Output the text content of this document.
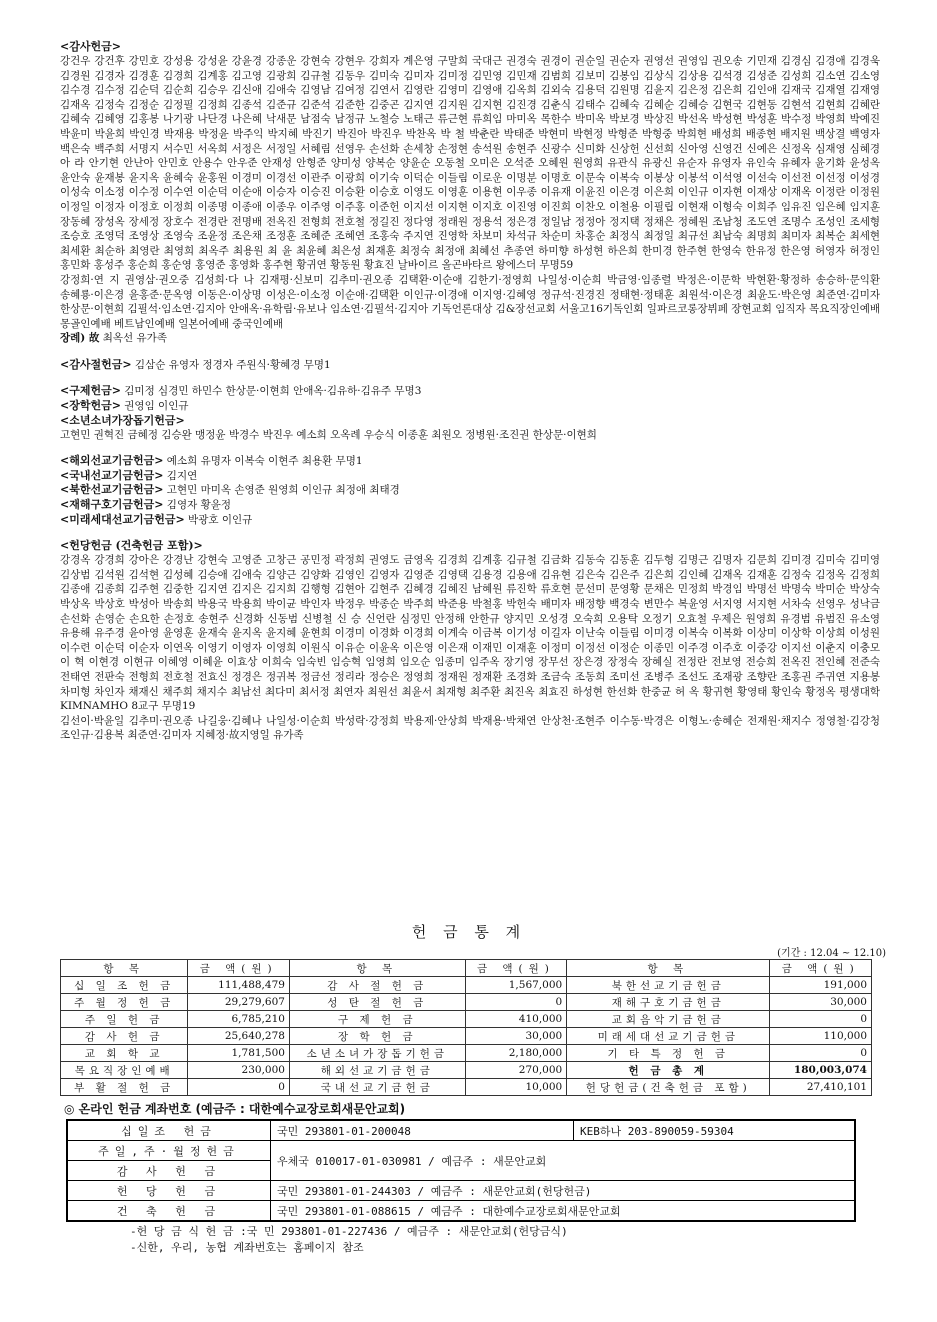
<감사헌금>
강건우 강건후 강민호 강성용 강성윤 강윤경 강종운 강현숙 강현우 강희자 계은영 구말희 국대근 권경숙 권경이 권순일 권순자 권영선 권영임 권오송 기민재 김경심 김경애 김경욱 김경원 김경자 김경훈 김경희 김계홍 김고영 김광희 김규철 김동우 김미숙 김미자 김미정 김민영 김민재 김범희 김보미 김봉임 김상식 김상용 김석경 김성준 김성희 김소연 김소영 김수경 김수정 김순덕 김순희 김승우 김신애 김애숙 김영남 김여정 김연서 김영란 김영미 김영애 김옥희 김외숙 김용덕 김원명 김윤지 김은정 김은희 김인애 김재국 김재열 김재영 김재옥 김정숙 김정순 김정필 김정희 김종석 김준규 김준석 김준한 김중곤 김지연 김지원 김지현 김진경 김춘식 김태수 김혜숙 김혜순 김혜승 김현국 김현동 김현석 김현희 김혜란 김혜숙 김혜영 김홍봉 나기광 나단경 나은혜 낙새문 남점숙 남정규 노철승 노태근 류근현 류희임 마미옥 목한수 박미옥 박보경 박상진 박선옥 박성현 박성훈 박수정 박영희 박예진 박윤미 박윤희 박인경 박재용 박정윤 박주익 박지혜 박진기 박진아 박진우 박찬옥 박 철 박춘란 박태준 박현미 박현정 박형준 박형중 박희현 배성희 배종현 배지원 백상결 백영자 백은숙 백주희 서명지 서수민 서옥희 서정은 서정일 서혜림 선영우 손선화 손세창 손정현 송석원 송현주 신광수 신미화 신상헌 신선희 신아영 신영건 신예은 신정옥 심재영 심혜경 아 라 안기현 안난아 안민호 안용수 안우준 안재성 안형준 양미성 양복순 양윤순 오동철 오미은 오석준 오혜원 원영희 유관식 유광신 유순자 유영자 유인숙 유혜자 윤기화 윤성옥 윤안숙 윤재봉 윤지옥 윤혜숙 윤홍원 이경미 이경선 이관주 이광희 이기숙 이덕순 이들림 이로운 이명분 이명호 이문숙 이복숙 이봉상 이봉석 이석영 이선숙 이선전 이선정 이성경 이성숙 이소정 이수정 이수연 이순덕 이순애 이승자 이승진 이승환 이승호 이영도 이영훈 이용현 이우종 이유재 이윤진 이은경 이은희 이인규 이자현 이재상 이재옥 이정란 이정원 이정일 이정자 이정호 이정희 이종명 이종애 이종우 이주영 이주홍 이준헌 이지선 이지현 이지호 이진영 이진희 이찬오 이철용 이필립 이현재 이형숙 이희주 임유진 임은혜 임지훈 장동혜 장성옥 장세정 장호수 전경란 전명배 전옥진 전형희 전호철 정길진 정다영 정래원 정용석 정은경 정일남 정정아 정지택 정채은 정혜원 조남청 조도연 조명수 조성인 조세형 조승호 조영덕 조영상 조영숙 조윤정 조은채 조정훈 조혜준 조혜연 조홍숙 주지연 진영학 차보미 차석규 차순미 차홍순 최정식 최정일 최규선 최남숙 최명희 최미자 최복순 최세현 최세환 최순하 최영란 최영희 최옥주 최용원 최 윤 최윤혜 최은성 최재훈 최정숙 최정애 최혜선 추종연 하미향 하성현 하은희 한미경 한주현 한영숙 한유정 한은영 허영자 허정인 홍민화 홍성주 홍순희 홍순영 홍영준 홍영화 홍주현 황귀연 황동원 황효진 날바이르 올곤바타르 왕에스더 무명59
강정희·연 지 권영삼·권오중 김성희·다 나 김재평·신보미 김추미·권오종 김택환·이순애 김한기·정영희 나일성·이순희 박금영·임종렬 박정은·이문학 박현환·황정하 송승하·문익환 송혜룡·이은경 윤홍준·문옥영 이동은·이상명 이성은·이소정 이순애·김택환 이인규·이경애 이지영·김혜영 정규석·진경진 정태현·정태훈 최원석·이은경 최윤도·박은영 최준연·김미자 한상문·이현희 김필석·임소연·김지아 안애옥·유학림·유보나 임소연·김필석·김지아 기독언론대상 김&장선교회 서울고16기독인회 일파르코롱장뷔페 장현교회 임직자 목요직장인예배 몽골인예배 베트남인예배 일본어예배 중국인예배
장례) 故 최옥선 유가족
<감사절헌금> 김삼순 유영자 정경자 주원식·황혜경 무명1
<구제헌금> 김미정 심경민 하민수 한상문·이현희 안애옥·김유하·김유주 무명3
<장학헌금> 권영임 이인규
<소년소녀가장돕기헌금>
고현민 권혁진 금혜정 김승완 맹정윤 박경수 박진우 예소희 오옥례 우승식 이종훈 최원오 정병원·조진권 한상문·이현희
<해외선교기금헌금> 예소희 유명자 이복숙 이현주 최용환 무명1
<국내선교기금헌금> 김지연
<북한선교기금헌금> 고현민 마미옥 손영준 원영희 이인규 최정애 최태경
<재해구호기금헌금> 김영자 황윤정
<미래세대선교기금헌금> 박광호 이인규
<헌당헌금 (건축헌금 포함)>
강경옥 강경희 강아은 강경난 강현숙 고영준 고창근 공민정 곽정희 권영도 금영옥 김경희 김계홍 김규철 김금화 김동숙 김동훈 김두형 김명근 김명자 김문희 김미경 김미숙 김미영 김상범 김석원 김석현 김성혜 김승애 김애숙 김양근 김양화 김영인 김영자 김영준 김영택 김용경 김용애 김유현 김은숙 김은주 김은희 김인혜 김재옥 김재훈 김정숙 김정옥 김정희 김종애 김종희 김주현 김중한 김지연 김지은 김지희 김행형 김현아 김현주 김혜경 김혜진 남혜원 류진학 류호현 문선미 문영황 문채은 민정희 박경임 박명선 박명숙 박미순 박상숙 박상옥 박상호 박성아 박송희 박용국 박용희 박이균 박인자 박정우 박종순 박주희 박준용 박철홍 박헌숙 배미자 배정향 백경숙 변만수 복윤영 서지영 서지현 서차숙 선영우 성낙금 손선화 손영순 손요한 손정호 송현주 신경화 신동범 신병철 신 승 신언란 심정민 안정해 안한규 양지민 오성경 오숙희 오용탁 오정기 오효철 우제은 원영희 유경범 유범진 유소영 유용해 유주경 윤아영 윤영훈 윤재숙 윤지옥 윤지혜 윤현희 이경미 이경화 이경희 이계숙 이금복 이기성 이길자 이난숙 이들림 이미경 이복숙 이복화 이상미 이상학 이상희 이성원 이수련 이순덕 이순자 이연옥 이영기 이영자 이영희 이원식 이유순 이윤옥 이은영 이은재 이재민 이재훈 이정미 이정선 이정순 이종민 이주경 이주호 이중강 이지선 이춘지 이충모 이 혁 이현경 이현규 이혜영 이혜윤 이효상 이희숙 임숙빈 임승혁 임영희 임오순 임종미 임주옥 장기영 장무선 장은경 장정숙 장혜실 전정란 전보영 전승희 전옥진 전인혜 전준숙 전태연 전판숙 전형희 전호철 전효신 정경은 정귀복 정금선 정리라 정승은 정영희 정재원 정재환 조경화 조금숙 조동희 조미선 조병주 조선도 조재광 조향란 조홍권 주귀연 지용봉 차미형 차인자 채재신 채주희 채지수 최남선 최다미 최서정 최연자 최원선 최윤서 최재형 최주환 최진옥 최효진 하성현 한선화 한중균 허 옥 황귀현 황영태 황인숙 황정옥 평생대학 KIMNAMHO 8교구 무명19
김선이·박윤일 김추미·권오종 나길웅·김혜나 나일성·이순희 박성락·강정희 박용제·안상희 박재용·박채연 안상천·조현주 이수동·박경은 이형노·송혜순 전재원·채지수 정영철·김강청 조인규·김용복 최준연·김미자 지혜정·故지영일 유가족
헌 금 통 계
(기간 : 12.04 ~ 12.10)
항 목	금 액(원)	항 목	금 액(원)	항 목	금 액(원)
십 일 조 헌 금	111,488,479	감 사 절 헌 금	1,567,000	북한선교기금헌금	191,000
주 월 정 헌 금	29,279,607	성 탄 절 헌 금	0	재해구호기금헌금	30,000
주 일 헌 금	6,785,210	구 제 헌 금	410,000	교회음악기금헌금	0
감 사 헌 금	25,640,278	장 학 헌 금	30,000	미래세대선교기금헌금	110,000
교 회 학 교	1,781,500	소년소녀가장돕기헌금	2,180,000	기 타 특 정 헌 금	0
목요직장인예배	230,000	해외선교기금헌금	270,000	헌 금 총 계	180,003,074
부 활 절 헌 금	0	국내선교기금헌금	10,000	헌당헌금(건축헌금 포함)	27,410,101
◎ 온라인 헌금 계좌번호 (예금주 : 대한예수교장로회새문안교회)
십일조 헌금	국민 293801-01-200048	KEB하나 203-890059-59304
주일,주·월정헌금	우체국 010017-01-030981 / 예금주 : 새문안교회	
감 사 헌 금		
헌 당 헌 금	국민 293801-01-244303 / 예금주 : 새문안교회(헌당헌금)	
건 축 헌 금	국민 293801-01-088615 / 예금주 : 대한예수교장로회새문안교회	
-헌 당 금 식 헌 금 :국 민 293801-01-227436 / 예금주 : 새문안교회(헌당금식)
-신한, 우리, 농협 계좌번호는 홈페이지 참조
